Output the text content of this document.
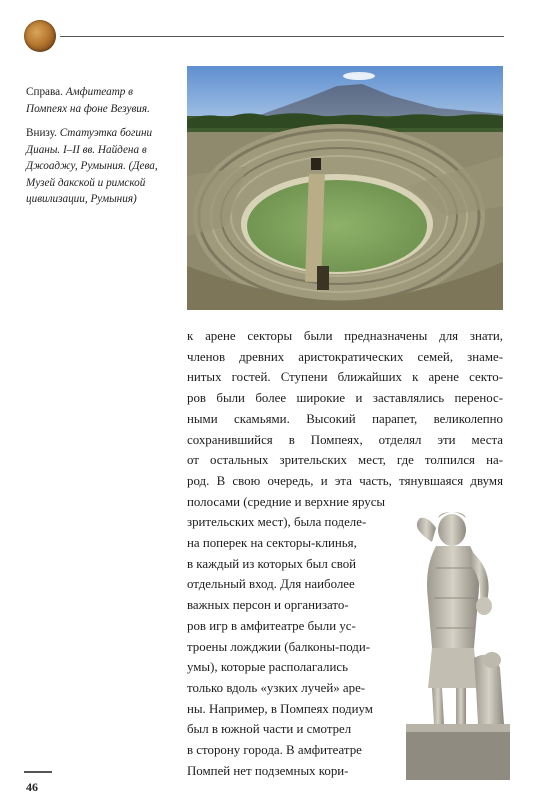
Справа. Амфитеатр в Помпеях на фоне Везувия.

Внизу. Статуэтка богини Дианы. I–II вв. Найдена в Джоаджу, Румыния. (Дева, Музей дакской и римской цивилизации, Румыния)

к арене секторы были предназначены для знати,
членов древних аристократических семей, знаме-
нитых гостей. Ступени ближайших к арене секто-
ров были более широкие и заставлялись перенос-
ными скамьями. Высокий парапет, великолепно
сохранившийся в Помпеях, отделял эти места
от остальных зрительских мест, где толпился на-
род. В свою очередь, и эта часть, тянувшаяся двумя
полосами (средние и верхние ярусы
зрительских мест), была поделе-
на поперек на секторы-клинья,
в каждый из которых был свой
отдельный вход. Для наиболее
важных персон и организато-
ров игр в амфитеатре были ус-
троены ложджии (балконы-поди-
умы), которые располагались
только вдоль «узких лучей» аре-
ны. Например, в Помпеях подиум
был в южной части и смотрел
в сторону города. В амфитеатре
Помпей нет подземных кори-
46
